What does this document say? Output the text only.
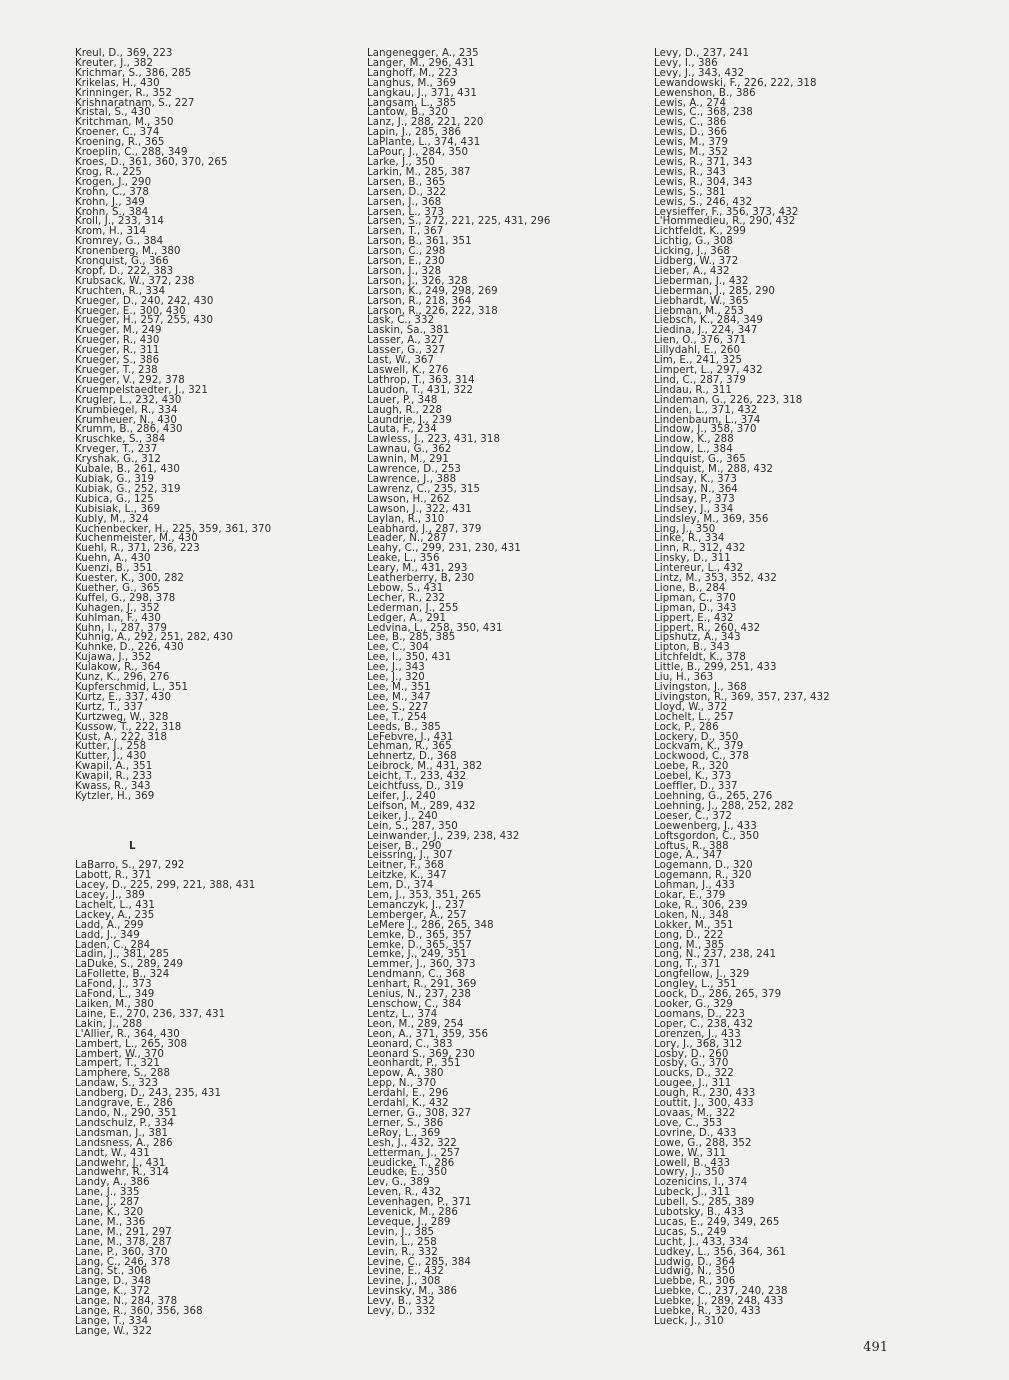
Kreul, D., 369, 223
Kreuter, J., 382
Krichmar, S., 386, 285
Krikelas, H., 430
Krinninger, R., 352
Krishnaratnam, S., 227
Kristal, S., 430
Kritchman, M., 350
Kroener, C., 374
Kroening, R., 365
Kroeplin, C., 288, 349
Kroes, D., 361, 360, 370, 265
Krog, R., 225
Krogen, J., 290
Krohn, C., 378
Krohn, J., 349
Krohn, S., 384
Kroll, J., 233, 314
Krom, H., 314
Kromrey, G., 384
Kronenberg, M., 380
Kronquist, G., 366
Kropf, D., 222, 383
Krubsack, W., 372, 238
Kruchten, R., 334
Krueger, D., 240, 242, 430
Krueger, E., 300, 430
Krueger, H., 257, 255, 430
Krueger, M., 249
Krueger, R., 430
Krueger, R., 311
Krueger, S., 386
Krueger, T., 238
Krueger, V., 292, 378
Kruempelstaedter, J., 321
Krugler, L., 232, 430
Krumbiegel, R., 334
Krumheuer, N., 430
Krumm, B., 286, 430
Kruschke, S., 384
Krveger, T., 237
Kryshak, G., 312
Kubale, B., 261, 430
Kubiak, G., 319
Kubiak, G., 252, 319
Kubica, G., 125
Kubisiak, L., 369
Kubly, M., 324
Kuchenbecker, H., 225, 359, 361, 370
Kuchenmeister, M., 430
Kuehl, R., 371, 236, 223
Kuehn, A., 430
Kuenzi, B., 351
Kuester, K., 300, 282
Kuether, G., 365
Kuffel, G., 298, 378
Kuhagen, J., 352
Kuhlman, F., 430
Kuhn, I., 287, 379
Kuhnig, A., 292, 251, 282, 430
Kuhnke, D., 226, 430
Kujawa, J., 352
Kulakow, R., 364
Kunz, K., 296, 276
Kupferschmid, L., 351
Kurtz, E., 337, 430
Kurtz, T., 337
Kurtzweg, W., 328
Kussow, T., 222, 318
Kust, A., 222, 318
Kutter, J., 258
Kutter, J., 430
Kwapil, A., 351
Kwapil, R., 233
Kwass, R., 343
Kytzler, H., 369
L
LaBarro, S., 297, 292
Labott, R., 371
Lacey, D., 225, 299, 221, 388, 431
Lacey, J., 389
Lachelt, L., 431
Lackey, A., 235
Ladd, A., 299
Ladd, J., 349
Laden, C., 284
Ladin, J., 381, 285
LaDuke, S., 289, 249
LaFollette, B., 324
LaFond, J., 373
LaFond, L., 349
Laiken, M., 380
Laine, E., 270, 236, 337, 431
Lakin, J., 288
L'Allier, R., 364, 430
Lambert, L., 265, 308
Lambert, W., 370
Lampert, T., 321
Lamphere, S., 288
Landaw, S., 323
Landberg, D., 243, 235, 431
Landgrave, E., 286
Lando, N., 290, 351
Landschulz, P., 334
Landsman, J., 381
Landsness, A., 286
Landt, W., 431
Landwehr, J., 431
Landwehr, R., 314
Landy, A., 386
Lane, J., 335
Lane, J., 287
Lane, K., 320
Lane, M., 336
Lane, M., 291, 297
Lane, M., 378, 287
Lane, P., 360, 370
Lang, C., 246, 378
Lang, St., 306
Lange, D., 348
Lange, K., 372
Lange, N., 284, 378
Lange, R., 360, 356, 368
Lange, T., 334
Lange, W., 322
Langenegger, A., 235
Langer, M., 296, 431
Langhoff, M., 223
Langhus, M., 369
Langkau, J., 371, 431
Langsam, L., 385
Lantow, B., 320
Lanz, J., 288, 221, 220
Lapin, J., 285, 386
LaPlante, L., 374, 431
LaPour, J., 284, 350
Larke, J., 350
Larkin, M., 285, 387
Larsen, B., 365
Larsen, D., 322
Larsen, J., 368
Larsen, L., 373
Larsen, S., 272, 221, 225, 431, 296
Larsen, T., 367
Larson, B., 361, 351
Larson, C., 298
Larson, E., 230
Larson, J., 328
Larson, J., 326, 328
Larson, K., 249, 298, 269
Larson, R., 218, 364
Larson, R., 226, 222, 318
Lask, C., 332
Laskin, Sa., 381
Lasser, A., 327
Lasser, G., 327
Last, W., 367
Laswell, K., 276
Lathrop, T., 363, 314
Laudon, T., 431, 322
Lauer, P., 348
Laugh, R., 228
Laundrie, J., 239
Lauta, F., 234
Lawless, J., 223, 431, 318
Lawnau, G., 362
Lawnin, M., 291
Lawrence, D., 253
Lawrence, J., 388
Lawrenz, C., 235, 315
Lawson, H., 262
Lawson, J., 322, 431
Laylan, R., 310
Leabhard, J., 287, 379
Leader, N., 287
Leahy, C., 299, 231, 230, 431
Leake, L., 356
Leary, M., 431, 293
Leatherberry, B, 230
Lebow, S., 431
Lecher, R., 232
Lederman, J., 255
Ledger, A., 291
Ledvina, L., 258, 350, 431
Lee, B., 285, 385
Lee, C., 304
Lee, I., 350, 431
Lee, J., 343
Lee, J., 320
Lee, M., 351
Lee, M., 347
Lee, S., 227
Lee, T., 254
Leeds, B., 385
LeFebvre, J., 431
Lehman, R., 365
Lehnertz, D., 368
Leibrock, M., 431, 382
Leicht, T., 233, 432
Leichtfuss, D., 319
Leifer, J., 240
Leifson, M., 289, 432
Leiker, J., 240
Lein, S., 287, 350
Leinwander, J., 239, 238, 432
Leiser, B., 290
Leissring, J., 307
Leitner, F., 368
Leitzke, K., 347
Lem, D., 374
Lem, J., 353, 351, 265
Lemanczyk, J., 237
Lemberger, A., 257
LeMere J., 286, 265, 348
Lemke, D., 365, 357
Lemke, D., 365, 357
Lemke, J., 249, 351
Lemmer, J., 360, 373
Lendmann, C., 368
Lenhart, R., 291, 369
Lenius, N., 237, 238
Lenschow, C., 384
Lentz, L., 374
Leon, M., 289, 254
Leon, A., 371, 359, 356
Leonard, C., 383
Leonard S., 369, 230
Leonhardt, P., 351
Lepow, A., 380
Lepp, N., 370
Lerdahl, E., 296
Lerdahl, K., 432
Lerner, G., 308, 327
Lerner, S., 386
LeRoy, L., 369
Lesh, J., 432, 322
Letterman, J., 257
Leudicke, T., 286
Leudke, E., 350
Lev, G., 389
Leven, R., 432
Levenhagen, P., 371
Levenick, M., 286
Leveque, J., 289
Levin, J., 385
Levin, L., 258
Levin, R., 332
Levine, C., 285, 384
Levine, E., 432
Levine, J., 308
Levinsky, M., 386
Levy, B., 332
Levy, D., 332
Levy, D., 237, 241
Levy, I., 386
Levy, J., 343, 432
Lewandowski, F., 226, 222, 318
Lewenshon, B., 386
Lewis, A., 274
Lewis, C., 368, 238
Lewis, C., 386
Lewis, D., 366
Lewis, M., 379
Lewis, M., 352
Lewis, R., 371, 343
Lewis, R., 343
Lewis, R., 304, 343
Lewis, S., 381
Lewis, S., 246, 432
Leysieffer, F., 356, 373, 432
L'Hommedieu, R., 290, 432
Lichtfeldt, K., 299
Lichtig, G., 308
Licking, J., 368
Lidberg, W., 372
Lieber, A., 432
Lieberman, J., 432
Lieberman, J., 285, 290
Liebhardt, W., 365
Liebman, M., 253
Liebsch, K., 284, 349
Liedina, J., 224, 347
Lien, O., 376, 371
Lillydahl, E., 260
Lim, E., 241, 325
Limpert, L., 297, 432
Lind, C., 287, 379
Lindau, R., 311
Lindeman, G., 226, 223, 318
Linden, L., 371, 432
Lindenbaum, L., 374
Lindow, J., 358, 370
Lindow, K., 288
Lindow, L., 384
Lindquist, G., 365
Lindquist, M., 288, 432
Lindsay, K., 373
Lindsay, N., 364
Lindsay, P., 373
Lindsey, J., 334
Lindsley, M., 369, 356
Ling, J., 350
Linke, R., 334
Linn, R., 312, 432
Linsky, D., 311
Lintereur, L., 432
Lintz, M., 353, 352, 432
Lione, B., 284
Lipman, C., 370
Lipman, D., 343
Lippert, E., 432
Lippert, R., 260, 432
Lipshutz, A., 343
Lipton, B., 343
Litchfeldt, K., 378
Little, B., 299, 251, 433
Liu, H., 363
Livingston, J., 368
Livingston, R., 369, 357, 237, 432
Lloyd, W., 372
Lochelt, L., 257
Lock, P., 286
Lockery, D., 350
Lockvam, K., 379
Lockwood, C., 378
Loebe, R., 320
Loebel, K., 373
Loeffler, D., 337
Loehning, G., 265, 276
Loehning, J., 288, 252, 282
Loeser, C., 372
Loewenberg, J., 433
Loftsgordon, C., 350
Loftus, R., 388
Loge, A., 347
Logemann, D., 320
Logemann, R., 320
Lohman, J., 433
Lokar, E., 379
Loke, R., 306, 239
Loken, N., 348
Lokker, M., 351
Long, D., 222
Long, M., 385
Long, N., 237, 238, 241
Long, T., 371
Longfellow, J., 329
Longley, L., 351
Loock, D., 286, 265, 379
Looker, G., 329
Loomans, D., 223
Loper, C., 238, 432
Lorenzen, J., 433
Lory, J., 368, 312
Losby, D., 260
Losby, G., 370
Loucks, D., 322
Lougee, J., 311
Lough, R., 230, 433
Louttit, J., 300, 433
Lovaas, M., 322
Love, C., 353
Lovrine, D., 433
Lowe, G., 288, 352
Lowe, W., 311
Lowell, B., 433
Lowry, J., 350
Lozenicins, I., 374
Lubeck, J., 311
Lubell, S., 285, 389
Lubotsky, B., 433
Lucas, E., 249, 349, 265
Lucas, S., 249
Lucht, J., 433, 334
Ludkey, L., 356, 364, 361
Ludwig, D., 364
Ludwig, N., 350
Luebbe, R., 306
Luebke, C., 237, 240, 238
Luebke, J., 289, 248, 433
Luebke, R., 320, 433
Lueck, J., 310
491
